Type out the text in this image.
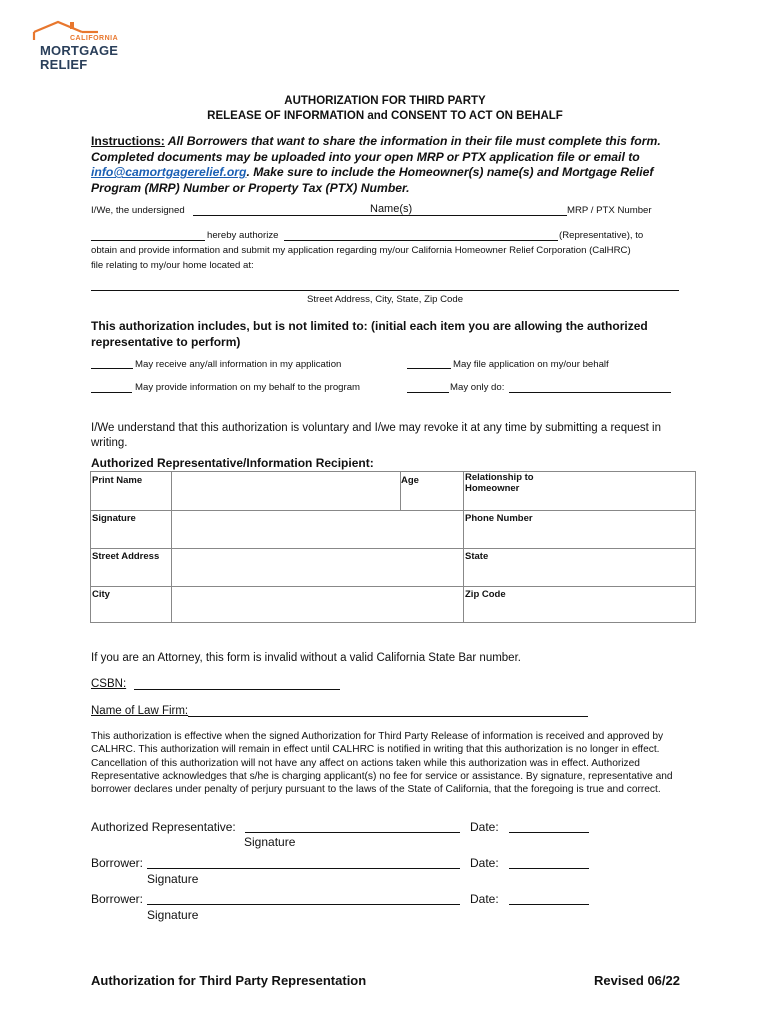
CALIFORNIA
MORTGAGE
RELIEF
AUTHORIZATION FOR THIRD PARTY
RELEASE OF INFORMATION and CONSENT TO ACT ON BEHALF
Instructions: All Borrowers that want to share the information in their file must complete this form. Completed documents may be uploaded into your open MRP or PTX application file or email to info@camortgagerelief.org. Make sure to include the Homeowner(s) name(s) and Mortgage Relief Program (MRP) Number or Property Tax (PTX) Number.
I/We, the undersigned	Name(s)	MRP / PTX Number
hereby authorize	(Representative), to
obtain and provide information and submit my application regarding my/our California Homeowner Relief Corporation (CalHRC)
file relating to my/our home located at:
Street Address, City, State, Zip Code
This authorization includes, but is not limited to: (initial each item you are allowing the authorized representative to perform)
May receive any/all information in my application	May file application on my/our behalf
May provide information on my behalf to the program	May only do:
I/We understand that this authorization is voluntary and I/we may revoke it at any time by submitting a request in writing.
Authorized Representative/Information Recipient:
Print Name	Age	Relationship to Homeowner
Signature	Phone Number
Street Address	State
City	Zip Code
If you are an Attorney, this form is invalid without a valid California State Bar number.
CSBN:
Name of Law Firm:
This authorization is effective when the signed Authorization for Third Party Release of information is received and approved by CALHRC. This authorization will remain in effect until CALHRC is notified in writing that this authorization is no longer in effect. Cancellation of this authorization will not have any affect on actions taken while this authorization was in effect. Authorized Representative acknowledges that s/he is charging applicant(s) no fee for service or assistance. By signature, representative and borrower declares under penalty of perjury pursuant to the laws of the State of California, that the foregoing is true and correct.
Authorized Representative:	Date:
Signature
Borrower:	Date:
Signature
Borrower:	Date:
Signature
Authorization for Third Party Representation	Revised 06/22
